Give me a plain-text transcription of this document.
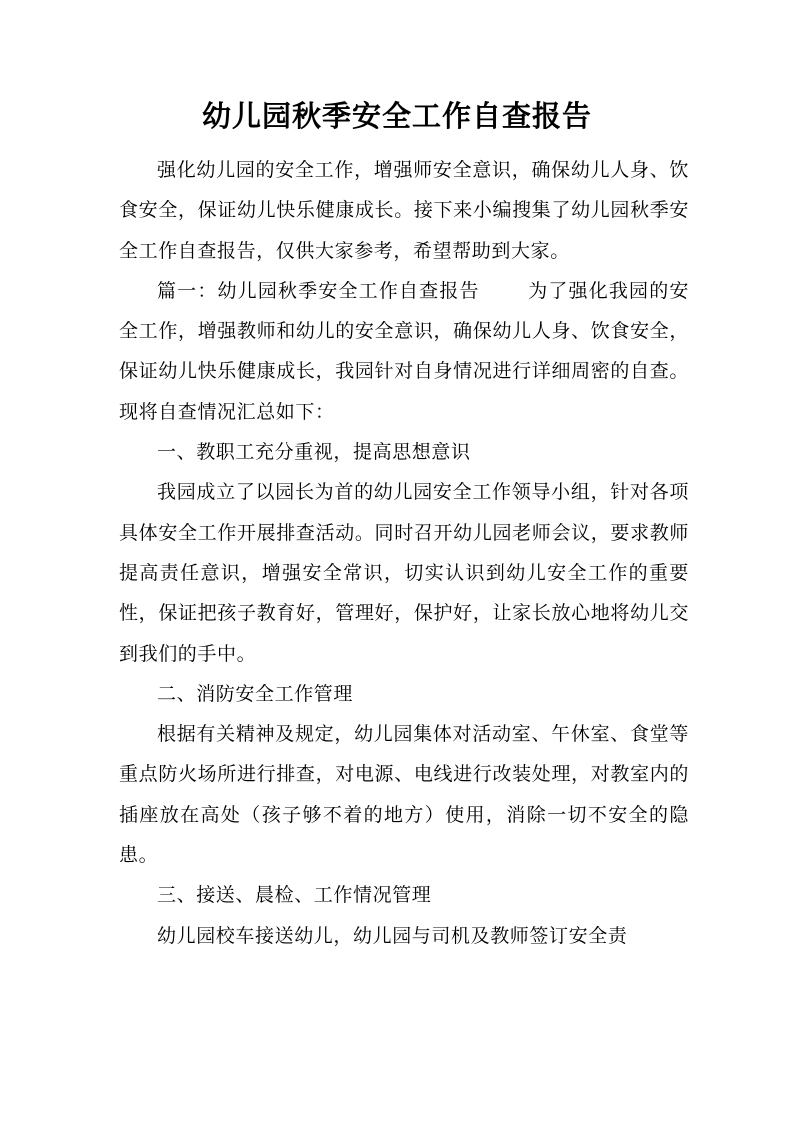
幼儿园秋季安全工作自查报告

强化幼儿园的安全工作，增强师安全意识，确保幼儿人身、饮食安全，保证幼儿快乐健康成长。接下来小编搜集了幼儿园秋季安全工作自查报告，仅供大家参考，希望帮助到大家。

篇一：幼儿园秋季安全工作自查报告	为了强化我园的安全工作，增强教师和幼儿的安全意识，确保幼儿人身、饮食安全，保证幼儿快乐健康成长，我园针对自身情况进行详细周密的自查。现将自查情况汇总如下：

一、教职工充分重视，提高思想意识

我园成立了以园长为首的幼儿园安全工作领导小组，针对各项具体安全工作开展排查活动。同时召开幼儿园老师会议，要求教师提高责任意识，增强安全常识，切实认识到幼儿安全工作的重要性，保证把孩子教育好，管理好，保护好，让家长放心地将幼儿交到我们的手中。

二、消防安全工作管理

根据有关精神及规定，幼儿园集体对活动室、午休室、食堂等重点防火场所进行排查，对电源、电线进行改装处理，对教室内的插座放在高处（孩子够不着的地方）使用，消除一切不安全的隐患。

三、接送、晨检、工作情况管理

幼儿园校车接送幼儿，幼儿园与司机及教师签订安全责
